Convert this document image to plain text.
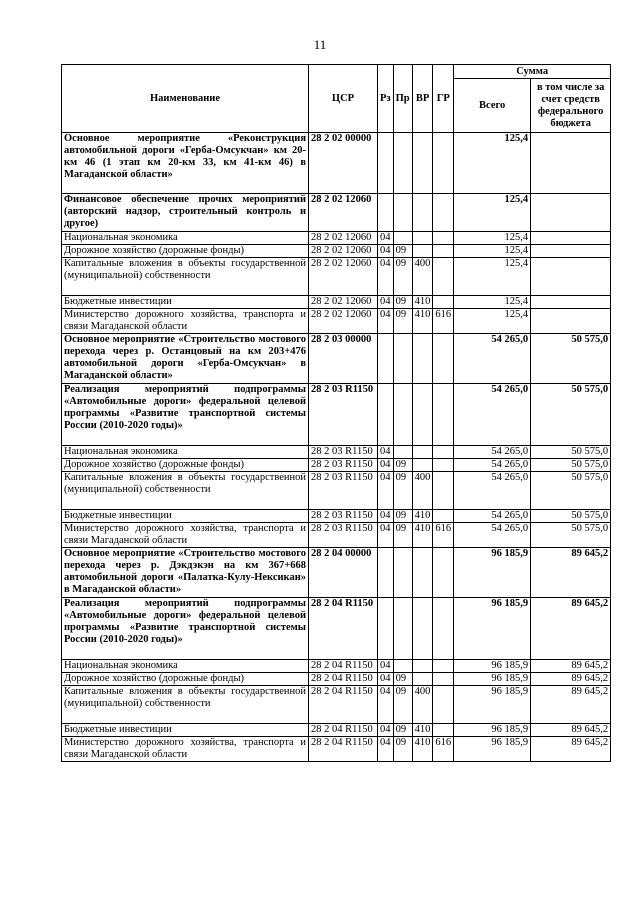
11
Наименование	ЦСР	Рз	Пр	ВР	ГР	Сумма	
						Всего	в том числе за счет средств федерального бюджета
Основное мероприятие «Реконструкция автомобильной дороги «Герба-Омсукчан» км 20-км 46 (1 этап км 20-км 33, км 41-км 46) в Магаданской области»	28 2 02 00000					125,4	
Финансовое обеспечение прочих мероприятий (авторский надзор, строительный контроль и другое)	28 2 02 12060					125,4	
Национальная экономика	28 2 02 12060	04				125,4	
Дорожное хозяйство (дорожные фонды)	28 2 02 12060	04	09			125,4	
Капитальные вложения в объекты государственной (муниципальной) собственности	28 2 02 12060	04	09	400		125,4	
Бюджетные инвестиции	28 2 02 12060	04	09	410		125,4	
Министерство дорожного хозяйства, транспорта и связи Магаданской области	28 2 02 12060	04	09	410	616	125,4	
Основное мероприятие «Строительство мостового перехода через р. Останцовый на км 203+476 автомобильной дороги «Герба-Омсукчан» в Магаданской области»	28 2 03 00000					54 265,0	50 575,0
Реализация мероприятий подпрограммы «Автомобильные дороги» федеральной целевой программы «Развитие транспортной системы России (2010-2020 годы)»	28 2 03 R1150					54 265,0	50 575,0
Национальная экономика	28 2 03 R1150	04				54 265,0	50 575,0
Дорожное хозяйство (дорожные фонды)	28 2 03 R1150	04	09			54 265,0	50 575,0
Капитальные вложения в объекты государственной (муниципальной) собственности	28 2 03 R1150	04	09	400		54 265,0	50 575,0
Бюджетные инвестиции	28 2 03 R1150	04	09	410		54 265,0	50 575,0
Министерство дорожного хозяйства, транспорта и связи Магаданской области	28 2 03 R1150	04	09	410	616	54 265,0	50 575,0
Основное мероприятие «Строительство мостового перехода через р. Дэкдэкэн на км 367+668 автомобильной дороги «Палатка-Кулу-Нексикан» в Магаданской области»	28 2 04 00000					96 185,9	89 645,2
Реализация мероприятий подпрограммы «Автомобильные дороги» федеральной целевой программы «Развитие транспортной системы России (2010-2020 годы)»	28 2 04 R1150					96 185,9	89 645,2
Национальная экономика	28 2 04 R1150	04				96 185,9	89 645,2
Дорожное хозяйство (дорожные фонды)	28 2 04 R1150	04	09			96 185,9	89 645,2
Капитальные вложения в объекты государственной (муниципальной) собственности	28 2 04 R1150	04	09	400		96 185,9	89 645,2
Бюджетные инвестиции	28 2 04 R1150	04	09	410		96 185,9	89 645,2
Министерство дорожного хозяйства, транспорта и связи Магаданской области	28 2 04 R1150	04	09	410	616	96 185,9	89 645,2
